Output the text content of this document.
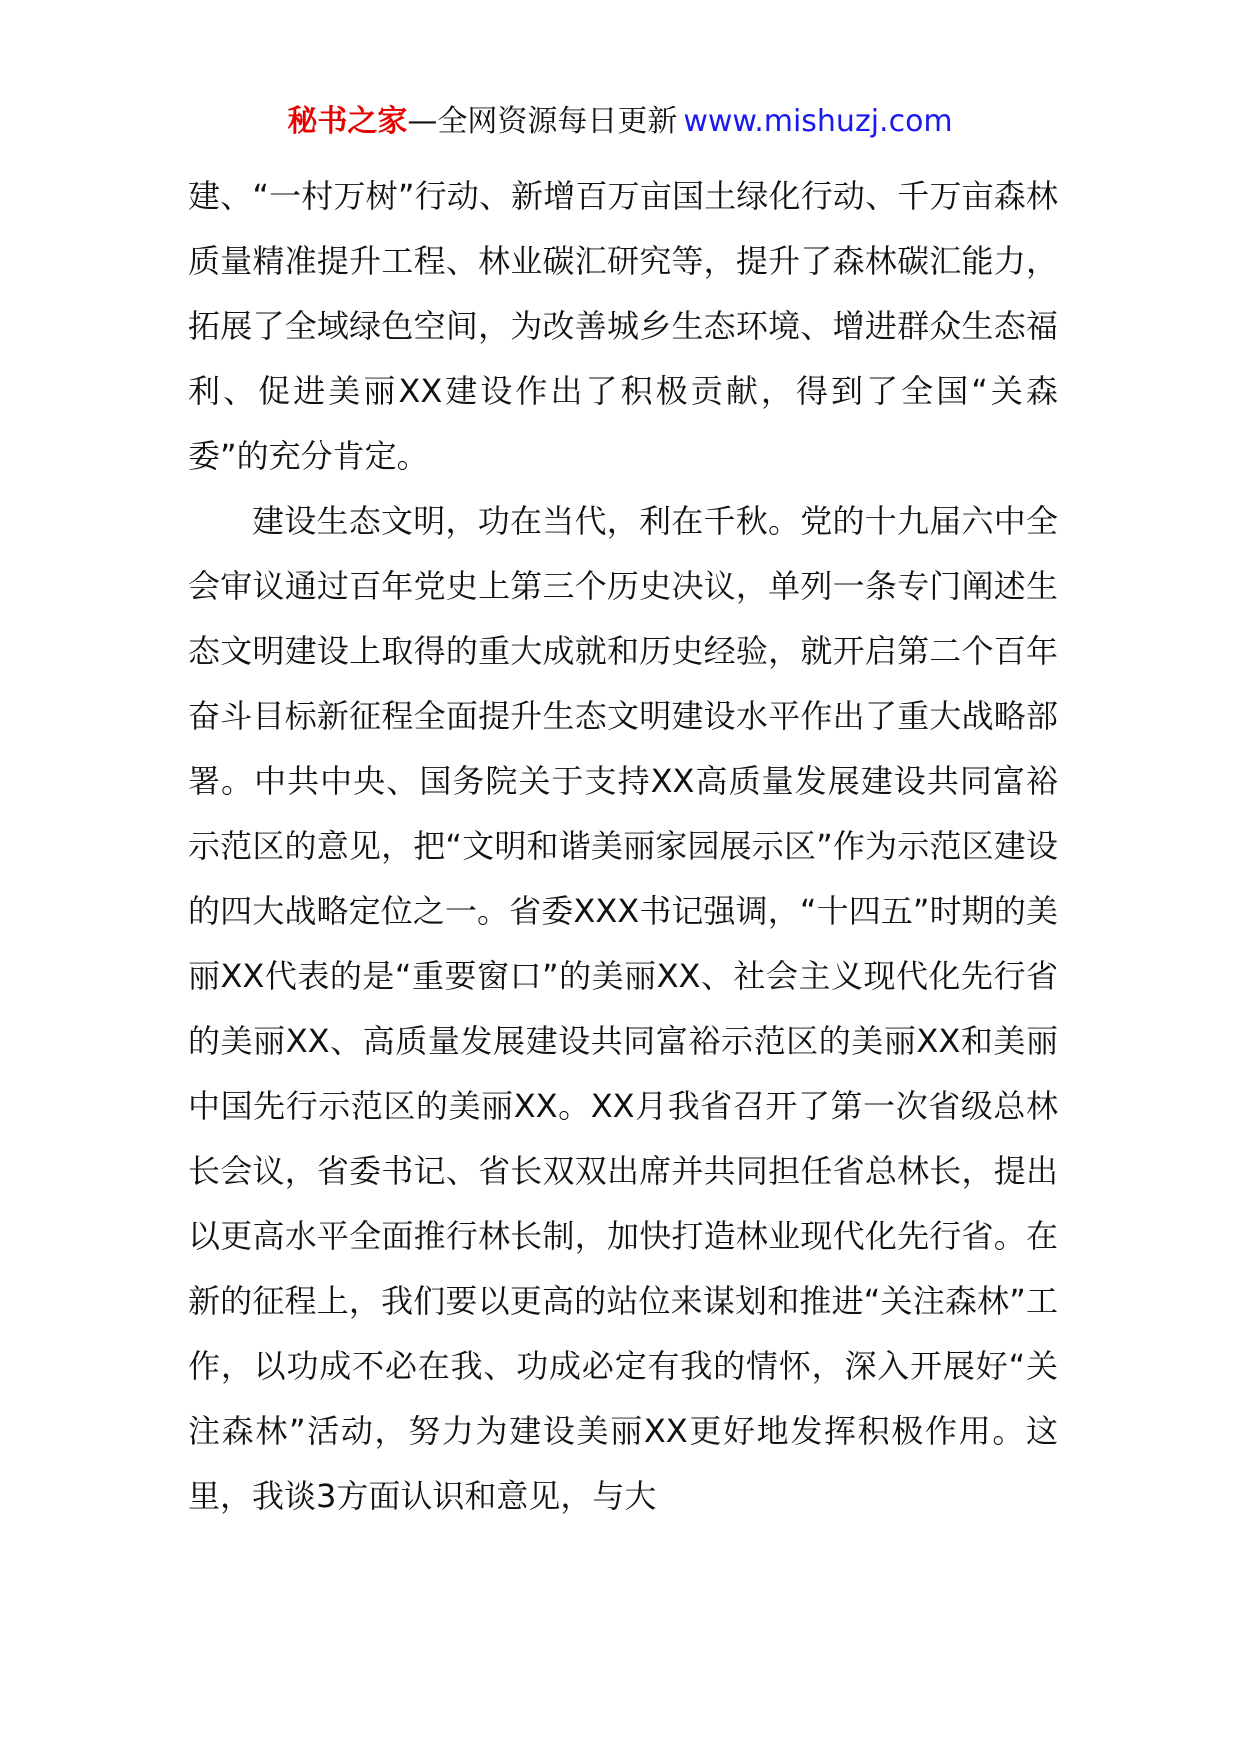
秘书之家—全网资源每日更新 www.mishuzj.com

建、“一村万树”行动、新增百万亩国土绿化行动、千万亩森林质量精准提升工程、林业碳汇研究等，提升了森林碳汇能力，拓展了全域绿色空间，为改善城乡生态环境、增进群众生态福利、促进美丽XX建设作出了积极贡献，得到了全国“关森委”的充分肯定。

建设生态文明，功在当代，利在千秋。党的十九届六中全会审议通过百年党史上第三个历史决议，单列一条专门阐述生态文明建设上取得的重大成就和历史经验，就开启第二个百年奋斗目标新征程全面提升生态文明建设水平作出了重大战略部署。中共中央、国务院关于支持XX高质量发展建设共同富裕示范区的意见，把“文明和谐美丽家园展示区”作为示范区建设的四大战略定位之一。省委XXX书记强调，“十四五”时期的美丽XX代表的是“重要窗口”的美丽XX、社会主义现代化先行省的美丽XX、高质量发展建设共同富裕示范区的美丽XX和美丽中国先行示范区的美丽XX。XX月我省召开了第一次省级总林长会议，省委书记、省长双双出席并共同担任省总林长，提出以更高水平全面推行林长制，加快打造林业现代化先行省。在新的征程上，我们要以更高的站位来谋划和推进“关注森林”工作，以功成不必在我、功成必定有我的情怀，深入开展好“关注森林”活动，努力为建设美丽XX更好地发挥积极作用。这里，我谈3方面认识和意见，与大
